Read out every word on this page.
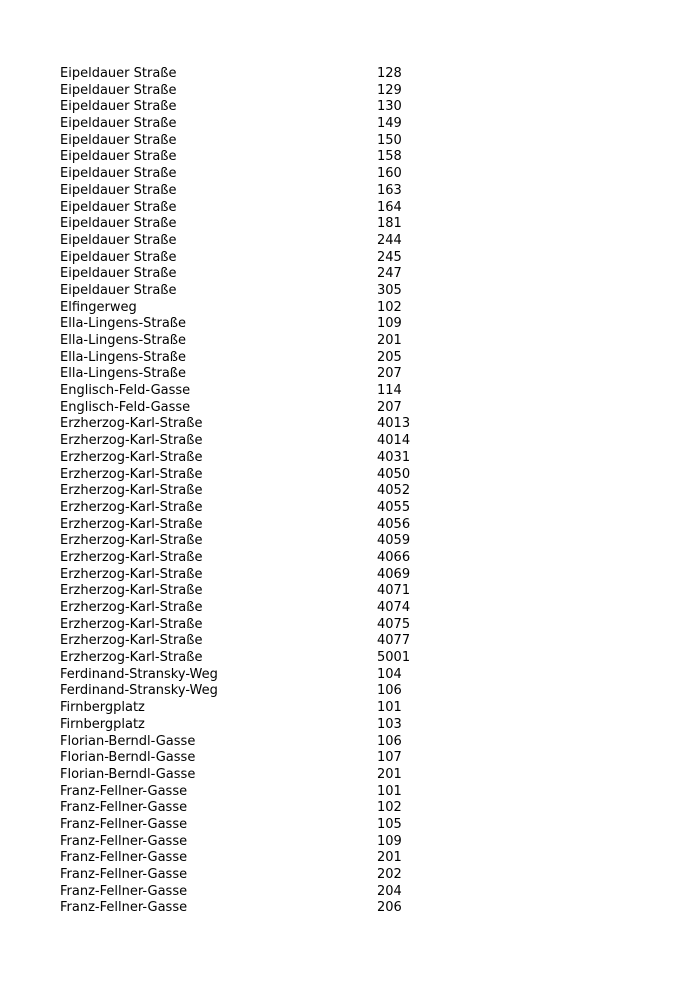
Eipeldauer Straße	128
Eipeldauer Straße	129
Eipeldauer Straße	130
Eipeldauer Straße	149
Eipeldauer Straße	150
Eipeldauer Straße	158
Eipeldauer Straße	160
Eipeldauer Straße	163
Eipeldauer Straße	164
Eipeldauer Straße	181
Eipeldauer Straße	244
Eipeldauer Straße	245
Eipeldauer Straße	247
Eipeldauer Straße	305
Elfingerweg	102
Ella-Lingens-Straße	109
Ella-Lingens-Straße	201
Ella-Lingens-Straße	205
Ella-Lingens-Straße	207
Englisch-Feld-Gasse	114
Englisch-Feld-Gasse	207
Erzherzog-Karl-Straße	4013
Erzherzog-Karl-Straße	4014
Erzherzog-Karl-Straße	4031
Erzherzog-Karl-Straße	4050
Erzherzog-Karl-Straße	4052
Erzherzog-Karl-Straße	4055
Erzherzog-Karl-Straße	4056
Erzherzog-Karl-Straße	4059
Erzherzog-Karl-Straße	4066
Erzherzog-Karl-Straße	4069
Erzherzog-Karl-Straße	4071
Erzherzog-Karl-Straße	4074
Erzherzog-Karl-Straße	4075
Erzherzog-Karl-Straße	4077
Erzherzog-Karl-Straße	5001
Ferdinand-Stransky-Weg	104
Ferdinand-Stransky-Weg	106
Firnbergplatz	101
Firnbergplatz	103
Florian-Berndl-Gasse	106
Florian-Berndl-Gasse	107
Florian-Berndl-Gasse	201
Franz-Fellner-Gasse	101
Franz-Fellner-Gasse	102
Franz-Fellner-Gasse	105
Franz-Fellner-Gasse	109
Franz-Fellner-Gasse	201
Franz-Fellner-Gasse	202
Franz-Fellner-Gasse	204
Franz-Fellner-Gasse	206
